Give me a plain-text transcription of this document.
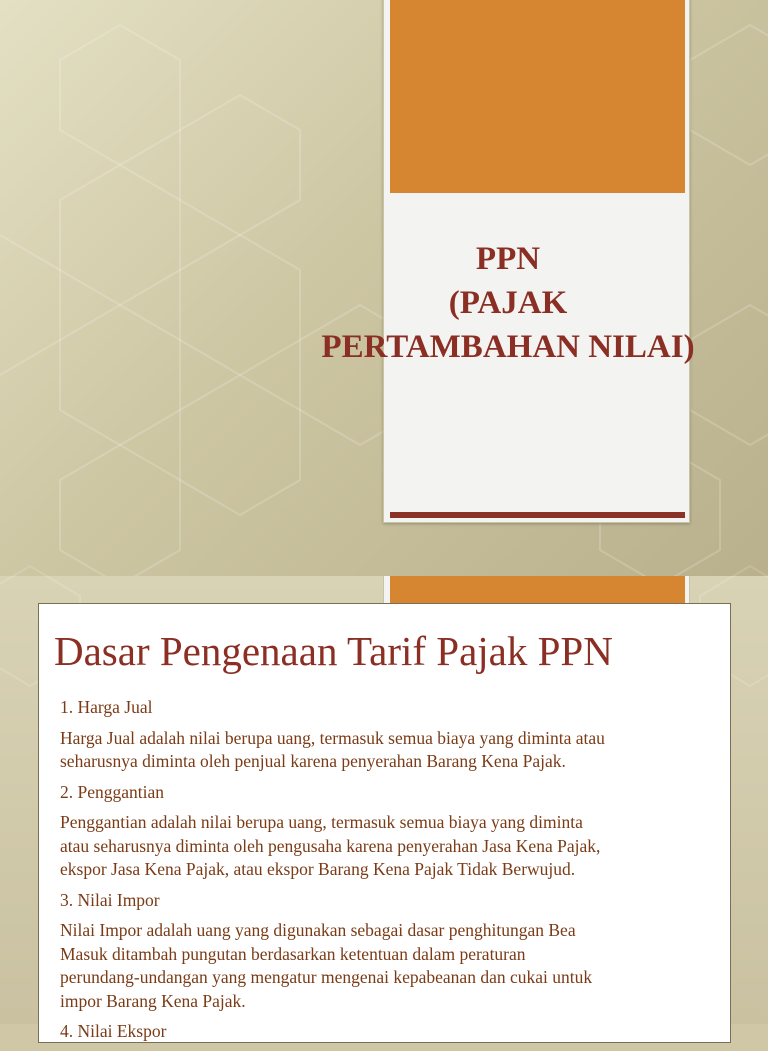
PPN
(PAJAK
PERTAMBAHAN NILAI)
Dasar Pengenaan Tarif Pajak PPN
1. Harga Jual
Harga Jual adalah nilai berupa uang, termasuk semua biaya yang diminta atau
seharusnya diminta oleh penjual karena penyerahan Barang Kena Pajak.
2. Penggantian
Penggantian adalah nilai berupa uang, termasuk semua biaya yang diminta
atau seharusnya diminta oleh pengusaha karena penyerahan Jasa Kena Pajak,
ekspor Jasa Kena Pajak, atau ekspor Barang Kena Pajak Tidak Berwujud.
3. Nilai Impor
Nilai Impor adalah uang yang digunakan sebagai dasar penghitungan Bea
Masuk ditambah pungutan berdasarkan ketentuan dalam peraturan
perundang-undangan yang mengatur mengenai kepabeanan dan cukai untuk
impor Barang Kena Pajak.
4. Nilai Ekspor
